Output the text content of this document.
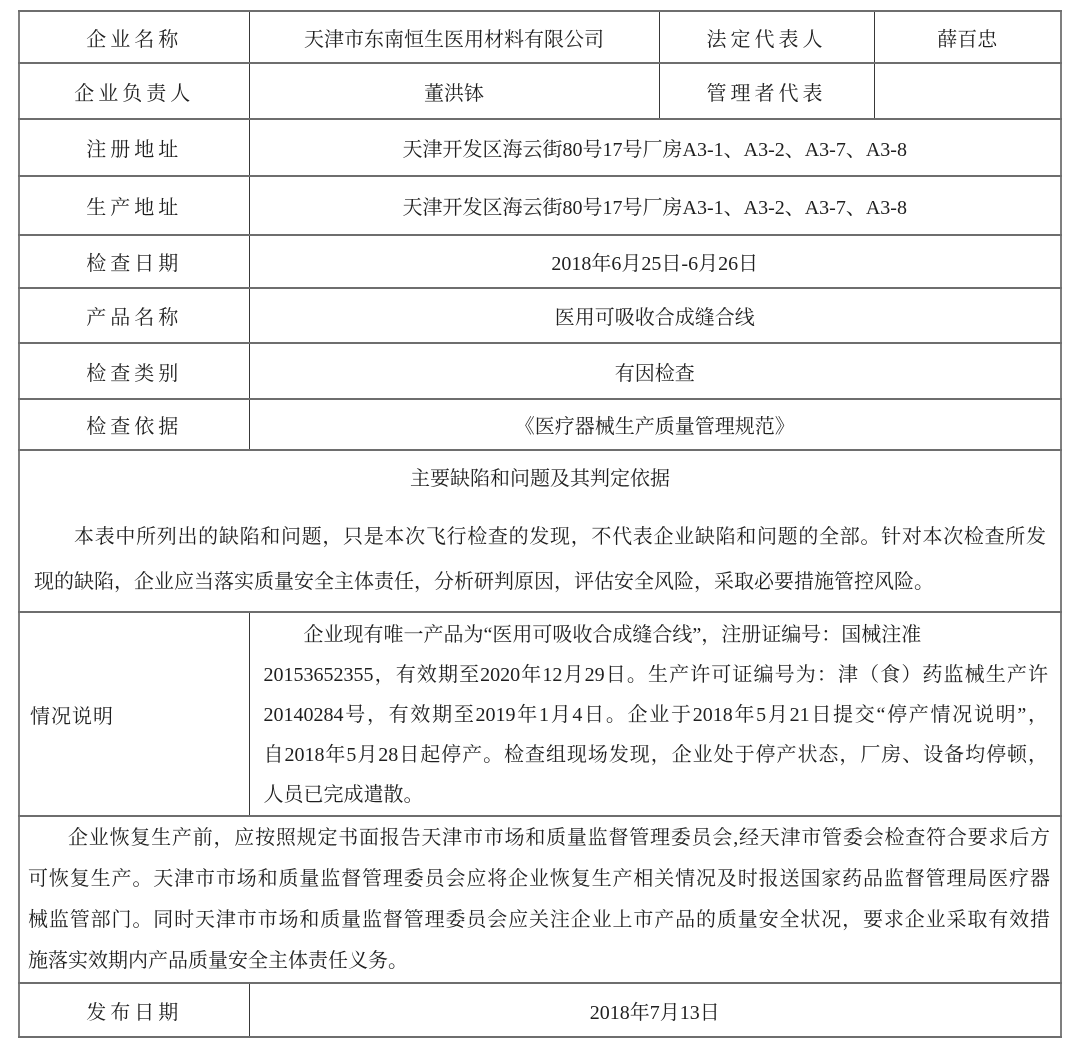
企业名称	天津市东南恒生医用材料有限公司	法定代表人	薛百忠
企业负责人	董洪钵	管理者代表	
注册地址	天津开发区海云街80号17号厂房A3-1、A3-2、A3-7、A3-8		
生产地址	天津开发区海云街80号17号厂房A3-1、A3-2、A3-7、A3-8		
检查日期	2018年6月25日-6月26日		
产品名称	医用可吸收合成缝合线		
检查类别	有因检查		
检查依据	《医疗器械生产质量管理规范》		

主要缺陷和问题及其判定依据
本表中所列出的缺陷和问题，只是本次飞行检查的发现，不代表企业缺陷和问题的全部。针对本次检查所发
现的缺陷，企业应当落实质量安全主体责任，分析研判原因，评估安全风险，采取必要措施管控风险。			

情况说明	企业现有唯一产品为“医用可吸收合成缝合线”，注册证编号：国械注准
20153652355，有效期至2020年12月29日。生产许可证编号为：津（食）药监械生产许
20140284号，有效期至2019年1月4日。企业于2018年5月21日提交“停产情况说明”，
自2018年5月28日起停产。检查组现场发现，企业处于停产状态，厂房、设备均停顿，
人员已完成遣散。		

企业恢复生产前，应按照规定书面报告天津市市场和质量监督管理委员会,经天津市管委会检查符合要求后方
可恢复生产。天津市市场和质量监督管理委员会应将企业恢复生产相关情况及时报送国家药品监督管理局医疗器
械监管部门。同时天津市市场和质量监督管理委员会应关注企业上市产品的质量安全状况，要求企业采取有效措
施落实效期内产品质量安全主体责任义务。			

发布日期	2018年7月13日		
